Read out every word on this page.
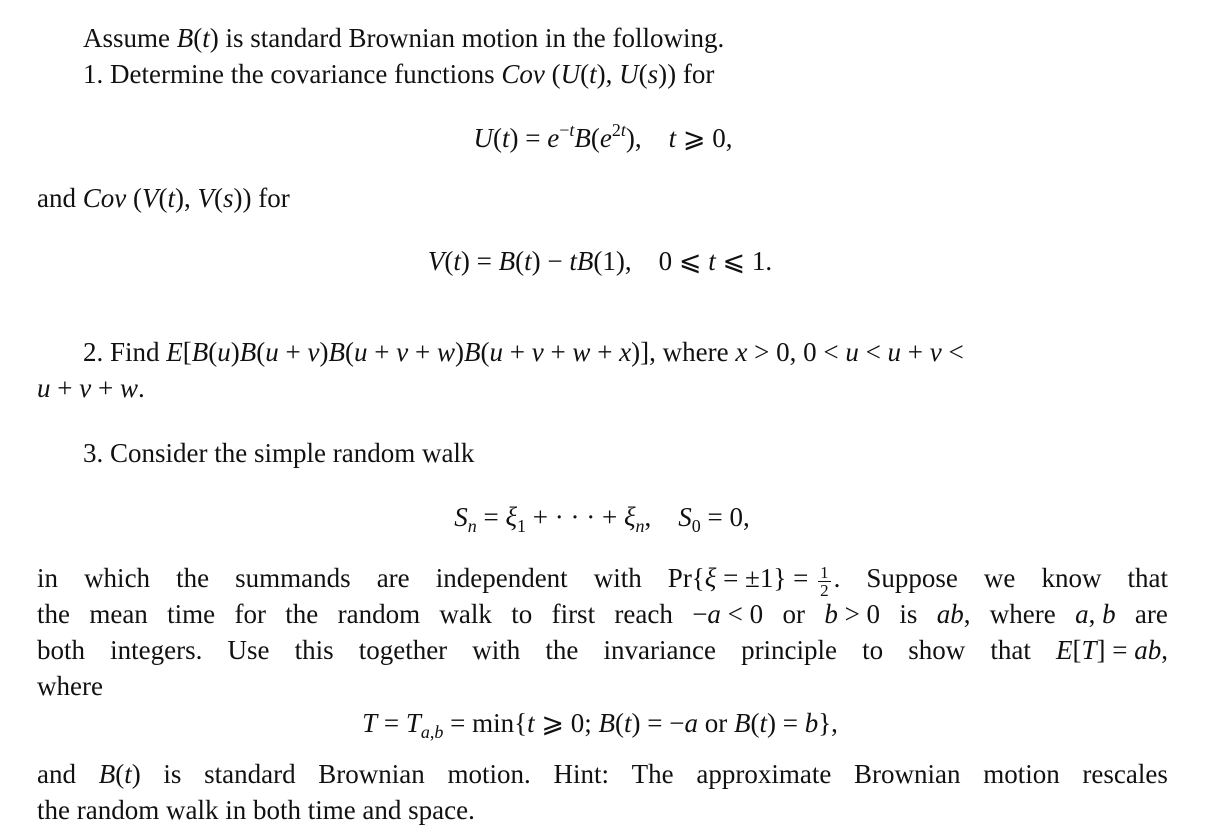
Assume B(t) is standard Brownian motion in the following.
1. Determine the covariance functions Cov (U(t), U(s)) for
$U(t) = e^{-t}B(e^{2t})$,    t ⩾ 0,
and Cov (V(t), V(s)) for
V(t) = B(t) − tB(1),    0 ⩽ t ⩽ 1.
2. Find E[B(u)B(u + v)B(u + v + w)B(u + v + w + x)], where x > 0, 0 < u < u + v <
u + v + w.
3. Consider the simple random walk
$S_n = \xi_1$ + · · · + $\xi_n$,    $S_0 = 0$,
in which the summands are independent with $Pr\{\xi = \pm 1\} = \frac{1}{2}$ . Suppose we know that
the mean time for the random walk to first reach −a < 0 or b > 0 is ab, where a, b are
both integers. Use this together with the invariance principle to show that E[T] = ab,
where
$T = T_{a,b} = \min\{t$ ⩾ 0; B(t) = −a or B(t) = b},
and B(t) is standard Brownian motion. Hint: The approximate Brownian motion rescales
the random walk in both time and space.
